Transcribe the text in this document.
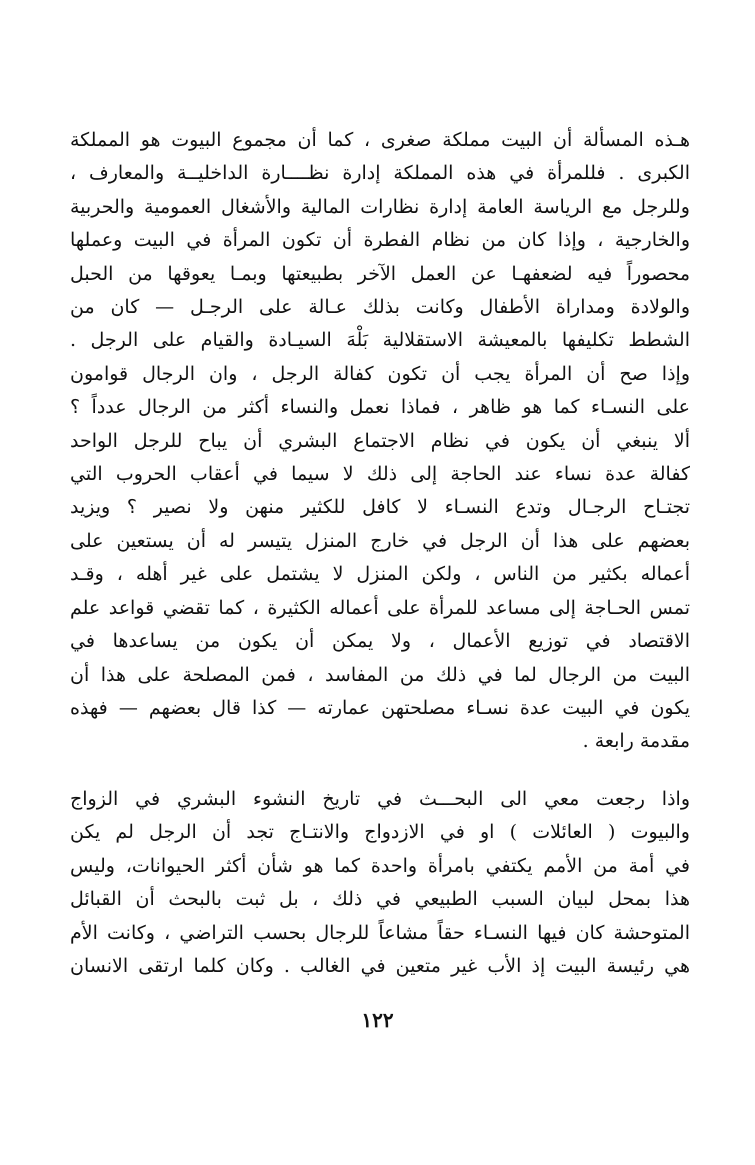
هـذه المسألة أن البيت مملكة صغرى ، كما أن مجموع البيوت هو المملكة
الكبرى . فللمرأة في هذه المملكة إدارة نظــــارة الداخليــة والمعارف ،
وللرجل مع الرياسة العامة إدارة نظارات المالية والأشغال العمومية والحربية
والخارجية ، وإذا كان من نظام الفطرة أن تكون المرأة في البيت وعملها
محصوراً فيه لضعفهـا عن العمل الآخر بطبيعتها وبمـا يعوقها من الحبل
والولادة ومداراة الأطفال وكانت بذلك عـالة على الرجـل — كان من
الشطط تكليفها بالمعيشة الاستقلالية بَلْهَ السيـادة والقيام على الرجل .
وإذا صح أن المرأة يجب أن تكون كفالة الرجل ، وان الرجال قوامون
على النسـاء كما هو ظاهر ، فماذا نعمل والنساء أكثر من الرجال عدداً ؟
ألا ينبغي أن يكون في نظام الاجتماع البشري أن يباح للرجل الواحد
كفالة عدة نساء عند الحاجة إلى ذلك لا سيما في أعقاب الحروب التي
تجتـاح الرجـال وتدع النسـاء لا كافل للكثير منهن ولا نصير ؟ ويزيد
بعضهم على هذا أن الرجل في خارج المنزل يتيسر له أن يستعين على
أعماله بكثير من الناس ، ولكن المنزل لا يشتمل على غير أهله ، وقـد
تمس الحـاجة إلى مساعد للمرأة على أعماله الكثيرة ، كما تقضي قواعد علم
الاقتصاد في توزيع الأعمال ، ولا يمكن أن يكون من يساعدها في
البيت من الرجال لما في ذلك من المفاسد ، فمن المصلحة على هذا أن
يكون في البيت عدة نسـاء مصلحتهن عمارته — كذا قال بعضهم — فهذه
مقدمة رابعة .
واذا رجعت معي الى البحـــث في تاريخ النشوء البشري في الزواج
والبيوت ( العائلات ) او في الازدواج والانتـاج تجد أن الرجل لم يكن
في أمة من الأمم يكتفي بامرأة واحدة كما هو شأن أكثر الحيوانات، وليس
هذا بمحل لبيان السبب الطبيعي في ذلك ، بل ثبت بالبحث أن القبائل
المتوحشة كان فيها النسـاء حقاً مشاعاً للرجال بحسب التراضي ، وكانت الأم
هي رئيسة البيت إذ الأب غير متعين في الغالب . وكان كلما ارتقى الانسان
١٢٢
